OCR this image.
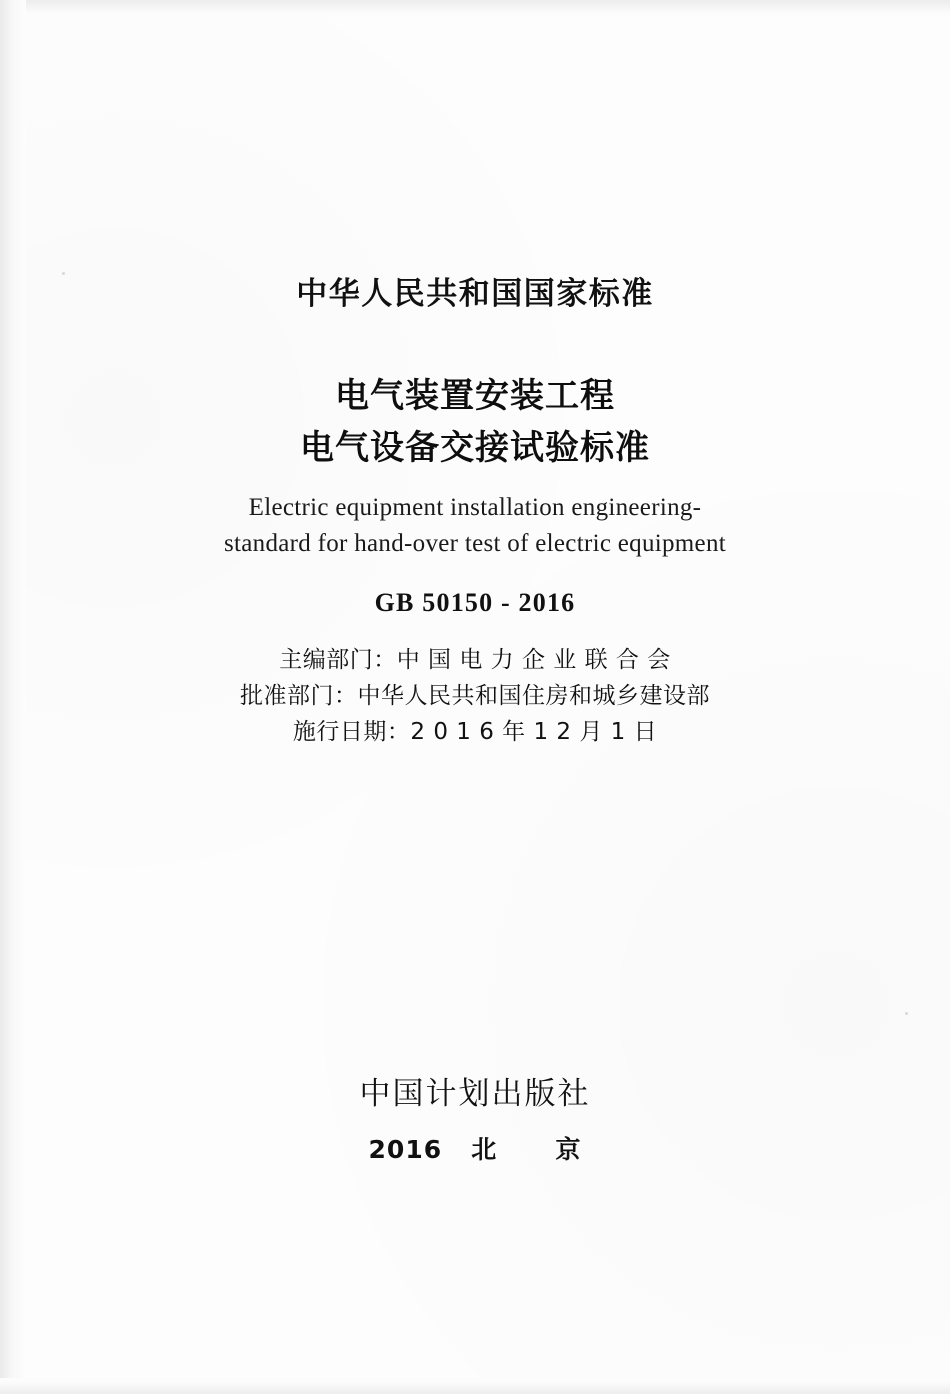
中华人民共和国国家标准
电气装置安装工程
电气设备交接试验标准
Electric equipment installation engineering-
standard for hand-over test of electric equipment
GB 50150 - 2016
主编部门：中 国 电 力 企 业 联 合 会
批准部门：中华人民共和国住房和城乡建设部
施行日期：2 0 1 6 年 1 2 月 1 日
中国计划出版社
2016   北      京
